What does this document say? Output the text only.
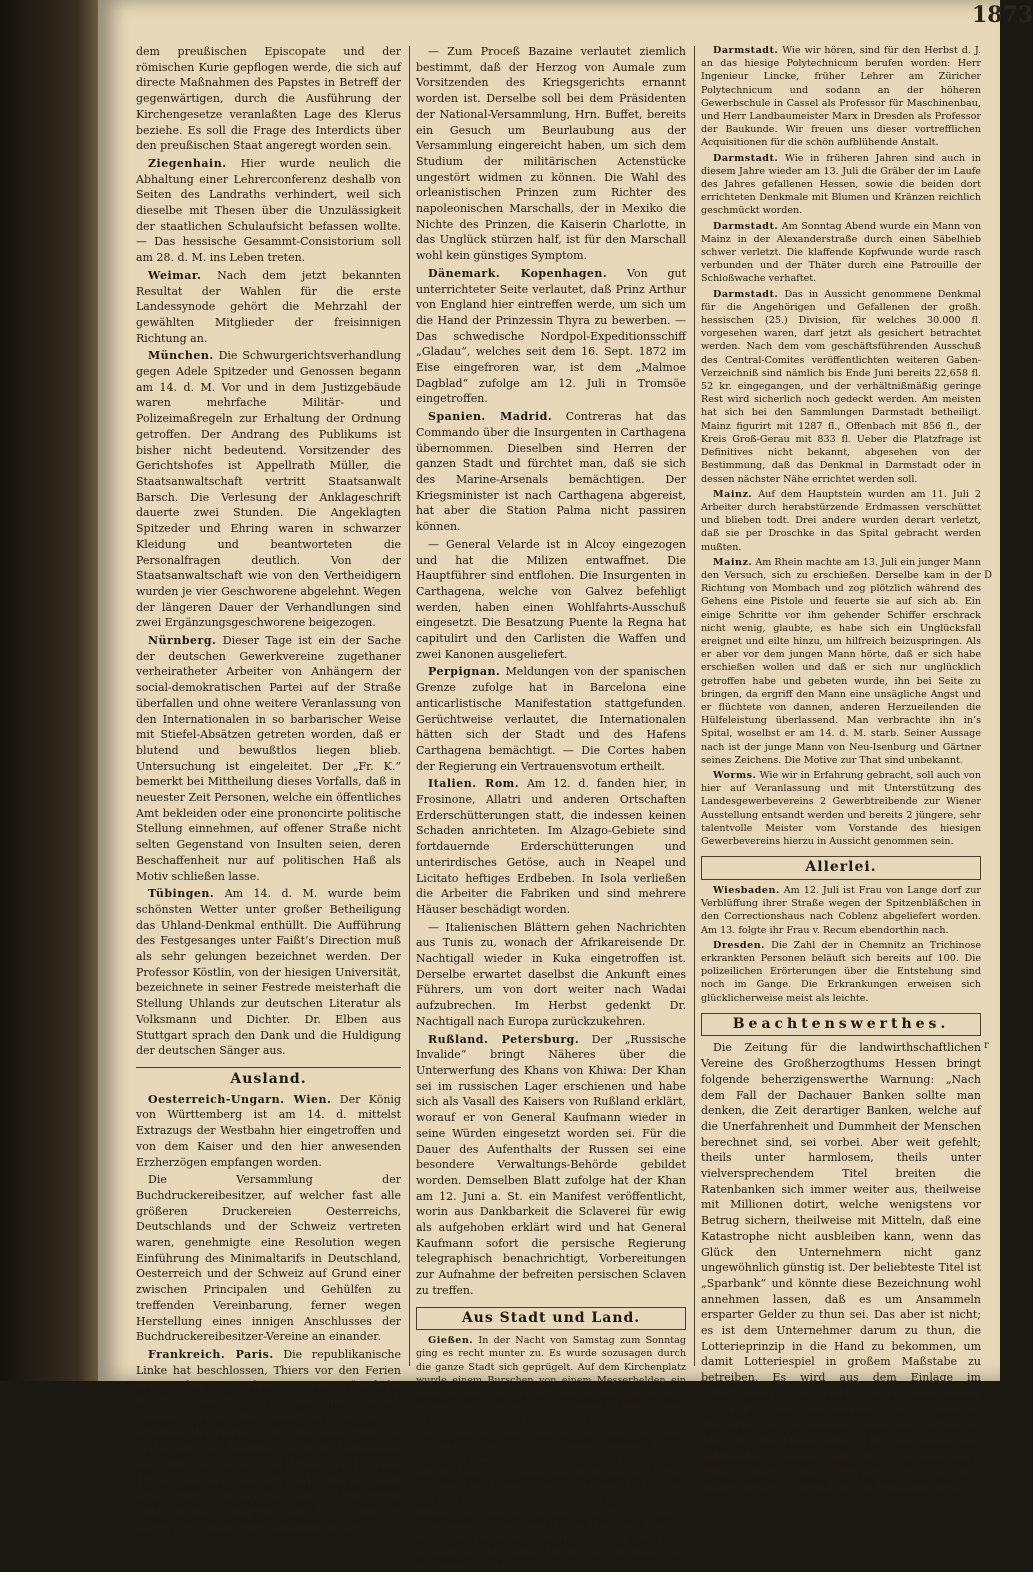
1873
D
r

dem preußischen Episcopate und der römischen Kurie gepflogen werde, die sich auf directe Maßnahmen des Papstes in Betreff der gegenwärtigen, durch die Ausführung der Kirchengesetze veranlaßten Lage des Klerus beziehe. Es soll die Frage des Interdicts über den preußischen Staat angeregt worden sein.

Ziegenhain. Hier wurde neulich die Abhaltung einer Lehrerconferenz deshalb von Seiten des Landraths verhindert, weil sich dieselbe mit Thesen über die Unzulässigkeit der staatlichen Schulaufsicht befassen wollte. — Das hessische Gesammt-Consistorium soll am 28. d. M. ins Leben treten.

Weimar. Nach dem jetzt bekannten Resultat der Wahlen für die erste Landessynode gehört die Mehrzahl der gewählten Mitglieder der freisinnigen Richtung an.

München. Die Schwurgerichtsverhandlung gegen Adele Spitzeder und Genossen begann am 14. d. M. Vor und in dem Justizgebäude waren mehrfache Militär- und Polizeimaßregeln zur Erhaltung der Ordnung getroffen. Der Andrang des Publikums ist bisher nicht bedeutend. Vorsitzender des Gerichtshofes ist Appellrath Müller, die Staatsanwaltschaft vertritt Staatsanwalt Barsch. Die Verlesung der Anklageschrift dauerte zwei Stunden. Die Angeklagten Spitzeder und Ehring waren in schwarzer Kleidung und beantworteten die Personalfragen deutlich. Von der Staatsanwaltschaft wie von den Vertheidigern wurden je vier Geschworene abgelehnt. Wegen der längeren Dauer der Verhandlungen sind zwei Ergänzungsgeschworene beigezogen.

Nürnberg. Dieser Tage ist ein der Sache der deutschen Gewerkvereine zugethaner verheiratheter Arbeiter von Anhängern der social-demokratischen Partei auf der Straße überfallen und ohne weitere Veranlassung von den Internationalen in so barbarischer Weise mit Stiefel-Absätzen getreten worden, daß er blutend und bewußtlos liegen blieb. Untersuchung ist eingeleitet. Der „Fr. K.“ bemerkt bei Mittheilung dieses Vorfalls, daß in neuester Zeit Personen, welche ein öffentliches Amt bekleiden oder eine prononcirte politische Stellung einnehmen, auf offener Straße nicht selten Gegenstand von Insulten seien, deren Beschaffenheit nur auf politischen Haß als Motiv schließen lasse.

Tübingen. Am 14. d. M. wurde beim schönsten Wetter unter großer Betheiligung das Uhland-Denkmal enthüllt. Die Aufführung des Festgesanges unter Faißt’s Direction muß als sehr gelungen bezeichnet werden. Der Professor Köstlin, von der hiesigen Universität, bezeichnete in seiner Festrede meisterhaft die Stellung Uhlands zur deutschen Literatur als Volksmann und Dichter. Dr. Elben aus Stuttgart sprach den Dank und die Huldigung der deutschen Sänger aus.

Ausland.

Oesterreich-Ungarn. Wien. Der König von Württemberg ist am 14. d. mittelst Extrazugs der Westbahn hier eingetroffen und von dem Kaiser und den hier anwesenden Erzherzögen empfangen worden.

Die Versammlung der Buchdruckereibesitzer, auf welcher fast alle größeren Druckereien Oesterreichs, Deutschlands und der Schweiz vertreten waren, genehmigte eine Resolution wegen Einführung des Minimaltarifs in Deutschland, Oesterreich und der Schweiz auf Grund einer zwischen Principalen und Gehülfen zu treffenden Vereinbarung, ferner wegen Herstellung eines innigen Anschlusses der Buchdruckereibesitzer-Vereine an einander.

Frankreich. Paris. Die republikanische Linke hat beschlossen, Thiers vor den Ferien ein Banket zu geben. — Der päpstliche Nuntius bemüht sich, bei dem Schah Concessionen für die Katholiken in Persien zu erhalten. Der Herzog v. Broglie unterstützt das Verlangen des Nuntius. — Dem Vernehmen nach wird der Schah von Persien am 18. oder 19. d. von hier bereisen und zunächst nach Lyon gehen. Ob derselbe nach Wien gehen wird, ist noch ungewiß. Am 13 d. fand zu Ehren des Schahs eine Illumination statt.

— Zum Proceß Bazaine verlautet ziemlich bestimmt, daß der Herzog von Aumale zum Vorsitzenden des Kriegsgerichts ernannt worden ist. Derselbe soll bei dem Präsidenten der National-Versammlung, Hrn. Buffet, bereits ein Gesuch um Beurlaubung aus der Versammlung eingereicht haben, um sich dem Studium der militärischen Actenstücke ungestört widmen zu können. Die Wahl des orleanistischen Prinzen zum Richter des napoleonischen Marschalls, der in Mexiko die Nichte des Prinzen, die Kaiserin Charlotte, in das Unglück stürzen half, ist für den Marschall wohl kein günstiges Symptom.

Dänemark. Kopenhagen. Von gut unterrichteter Seite verlautet, daß Prinz Arthur von England hier eintreffen werde, um sich um die Hand der Prinzessin Thyra zu bewerben. — Das schwedische Nordpol-Expeditionsschiff „Gladau“, welches seit dem 16. Sept. 1872 im Eise eingefroren war, ist dem „Malmoe Dagblad“ zufolge am 12. Juli in Tromsöe eingetroffen.

Spanien. Madrid. Contreras hat das Commando über die Insurgenten in Carthagena übernommen. Dieselben sind Herren der ganzen Stadt und fürchtet man, daß sie sich des Marine-Arsenals bemächtigen. Der Kriegsminister ist nach Carthagena abgereist, hat aber die Station Palma nicht passiren können.

— General Velarde ist in Alcoy eingezogen und hat die Milizen entwaffnet. Die Hauptführer sind entflohen. Die Insurgenten in Carthagena, welche von Galvez befehligt werden, haben einen Wohlfahrts-Ausschuß eingesetzt. Die Besatzung Puente la Regna hat capitulirt und den Carlisten die Waffen und zwei Kanonen ausgeliefert.

Perpignan. Meldungen von der spanischen Grenze zufolge hat in Barcelona eine anticarlistische Manifestation stattgefunden. Gerüchtweise verlautet, die Internationalen hätten sich der Stadt und des Hafens Carthagena bemächtigt. — Die Cortes haben der Regierung ein Vertrauensvotum ertheilt.

Italien. Rom. Am 12. d. fanden hier, in Frosinone, Allatri und anderen Ortschaften Erderschütterungen statt, die indessen keinen Schaden anrichteten. Im Alzago-Gebiete sind fortdauernde Erderschütterungen und unterirdisches Getöse, auch in Neapel und Licitato heftiges Erdbeben. In Isola verließen die Arbeiter die Fabriken und sind mehrere Häuser beschädigt worden.

— Italienischen Blättern gehen Nachrichten aus Tunis zu, wonach der Afrikareisende Dr. Nachtigall wieder in Kuka eingetroffen ist. Derselbe erwartet daselbst die Ankunft eines Führers, um von dort weiter nach Wadai aufzubrechen. Im Herbst gedenkt Dr. Nachtigall nach Europa zurückzukehren.

Rußland. Petersburg. Der „Russische Invalide“ bringt Näheres über die Unterwerfung des Khans von Khiwa: Der Khan sei im russischen Lager erschienen und habe sich als Vasall des Kaisers von Rußland erklärt, worauf er von General Kaufmann wieder in seine Würden eingesetzt worden sei. Für die Dauer des Aufenthalts der Russen sei eine besondere Verwaltungs-Behörde gebildet worden. Demselben Blatt zufolge hat der Khan am 12. Juni a. St. ein Manifest veröffentlicht, worin aus Dankbarkeit die Sclaverei für ewig als aufgehoben erklärt wird und hat General Kaufmann sofort die persische Regierung telegraphisch benachrichtigt, Vorbereitungen zur Aufnahme der befreiten persischen Sclaven zu treffen.

Aus Stadt und Land.

Gießen. In der Nacht von Samstag zum Sonntag ging es recht munter zu. Es wurde sozusagen durch die ganze Stadt sich geprügelt. Auf dem Kirchenplatz wurde einem Burschen von einem Messerhelden ein Stich in den Kopf versetzt und ist die Wunde nicht ungefährlich. Die Sitte des Messerstechens scheint sich auch hier am Orte einzubürgern. In der Nacht vom Sonntag zum Montag entstand in einer Wirthschaft am Oswald’s Garten Scandal. Von 2 intervenirenden Schutzleuten wurde der eine, ein ruhiger Mann, von einem Bauernburschen durch zwei Messerstiche lebensgefährlich verwundet. Derselbe wurde von hinten angepackt und ihm ein Stich in den Rücken und einer in den Arm versetzt. Der andere Schutzmann zog in Folge dessen blank und traktirte einen der Excedenten derart, daß er in die Klinik geschafft werden mußte. Die übrigen Attentäter sind in Nummero Sicher.

Darmstadt. Wie wir hören, sind für den Herbst d. J. an das hiesige Polytechnicum berufen worden: Herr Ingenieur Lincke, früher Lehrer am Züricher Polytechnicum und sodann an der höheren Gewerbschule in Cassel als Professor für Maschinenbau, und Herr Landbaumeister Marx in Dresden als Professor der Baukunde. Wir freuen uns dieser vortrefflichen Acquisitionen für die schön aufblühende Anstalt.

Darmstadt. Wie in früheren Jahren sind auch in diesem Jahre wieder am 13. Juli die Gräber der im Laufe des Jahres gefallenen Hessen, sowie die beiden dort errichteten Denkmale mit Blumen und Kränzen reichlich geschmückt worden.

Darmstadt. Am Sonntag Abend wurde ein Mann von Mainz in der Alexanderstraße durch einen Säbelhieb schwer verletzt. Die klaffende Kopfwunde wurde rasch verbunden und der Thäter durch eine Patrouille der Schloßwache verhaftet.

Darmstadt. Das in Aussicht genommene Denkmal für die Angehörigen und Gefallenen der großh. hessischen (25.) Division, für welches 30.000 fl. vorgesehen waren, darf jetzt als gesichert betrachtet werden. Nach dem vom geschäftsführenden Ausschuß des Central-Comites veröffentlichten weiteren Gaben-Verzeichniß sind nämlich bis Ende Juni bereits 22,658 fl. 52 kr. eingegangen, und der verhältnißmäßig geringe Rest wird sicherlich noch gedeckt werden. Am meisten hat sich bei den Sammlungen Darmstadt betheiligt. Mainz figurirt mit 1287 fl., Offenbach mit 856 fl., der Kreis Groß-Gerau mit 833 fl. Ueber die Platzfrage ist Definitives nicht bekannt, abgesehen von der Bestimmung, daß das Denkmal in Darmstadt oder in dessen nächster Nähe errichtet werden soll.

Mainz. Auf dem Hauptstein wurden am 11. Juli 2 Arbeiter durch herabstürzende Erdmassen verschüttet und blieben todt. Drei andere wurden derart verletzt, daß sie per Droschke in das Spital gebracht werden mußten.

Mainz. Am Rhein machte am 13. Juli ein junger Mann den Versuch, sich zu erschießen. Derselbe kam in der Richtung von Mombach und zog plötzlich während des Gehens eine Pistole und feuerte sie auf sich ab. Ein einige Schritte vor ihm gehender Schiffer erschrack nicht wenig, glaubte, es habe sich ein Unglücksfall ereignet und eilte hinzu, um hilfreich beizuspringen. Als er aber vor dem jungen Mann hörte, daß er sich habe erschießen wollen und daß er sich nur unglücklich getroffen habe und gebeten wurde, ihn bei Seite zu bringen, da ergriff den Mann eine unsägliche Angst und er flüchtete von dannen, anderen Herzueilenden die Hülfeleistung überlassend. Man verbrachte ihn in’s Spital, woselbst er am 14. d. M. starb. Seiner Aussage nach ist der junge Mann von Neu-Isenburg und Gärtner seines Zeichens. Die Motive zur That sind unbekannt.

Worms. Wie wir in Erfahrung gebracht, soll auch von hier auf Veranlassung und mit Unterstützung des Landesgewerbevereins 2 Gewerbtreibende zur Wiener Ausstellung entsandt werden und bereits 2 jüngere, sehr talentvolle Meister vom Vorstande des hiesigen Gewerbevereins hierzu in Aussicht genommen sein.

Allerlei.

Wiesbaden. Am 12. Juli ist Frau von Lange dorf zur Verblüffung ihrer Straße wegen der Spitzenbläßchen in den Correctionshaus nach Coblenz abgeliefert worden. Am 13. folgte ihr Frau v. Recum ebendorthin nach.

Dresden. Die Zahl der in Chemnitz an Trichinose erkrankten Personen beläuft sich bereits auf 100. Die polizeilichen Erörterungen über die Entstehung sind noch im Gange. Die Erkrankungen erweisen sich glücklicherweise meist als leichte.

Beachtenswerthes.

Die Zeitung für die landwirthschaftlichen Vereine des Großherzogthums Hessen bringt folgende beherzigenswerthe Warnung: „Nach dem Fall der Dachauer Banken sollte man denken, die Zeit derartiger Banken, welche auf die Unerfahrenheit und Dummheit der Menschen berechnet sind, sei vorbei. Aber weit gefehlt; theils unter harmlosem, theils unter vielversprechendem Titel breiten die Ratenbanken sich immer weiter aus, theilweise mit Millionen dotirt, welche wenigstens vor Betrug sichern, theilweise mit Mitteln, daß eine Katastrophe nicht ausbleiben kann, wenn das Glück den Unternehmern nicht ganz ungewöhnlich günstig ist. Der beliebteste Titel ist „Sparbank“ und könnte diese Bezeichnung wohl annehmen lassen, daß es um Ansammeln ersparter Gelder zu thun sei. Das aber ist nicht; es ist dem Unternehmer darum zu thun, die Lotterieprinzip in die Hand zu bekommen, um damit Lotteriespiel in großem Maßstabe zu betreiben. Es wird aus dem Einlage im günstigsten Fall kein Geld verloren gehen, indem für die Einlagen Lotterieloose angekauft werden, gleichviel, ob preußische Loose oder türkische. Aber für die Mühewaltung, für die Kosten der zahlreichen Agenten, muß die „Sparbank“ auch etwas haben und berechnet sie für ihre Mühewaltung, je nachdem das Publikum mehr
